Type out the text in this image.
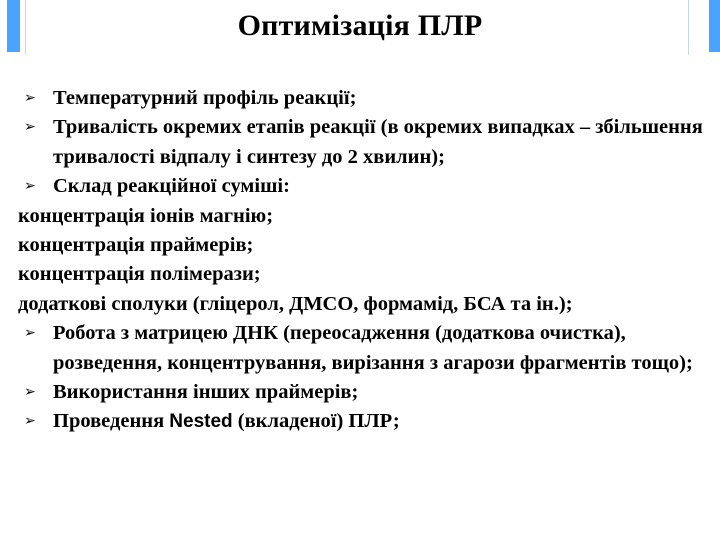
Оптимізація ПЛР
➢ Температурний профіль реакції;
➢ Тривалість окремих етапів реакції (в окремих випадках – збільшення тривалості відпалу і синтезу до 2 хвилин);
➢ Склад реакційної суміші:
концентрація іонів магнію;
концентрація праймерів;
концентрація полімерази;
додаткові сполуки (гліцерол, ДМСО, формамід, БСА та ін.);
➢ Робота з матрицею ДНК (переосадження (додаткова очистка), розведення, концентрування, вирізання з агарози фрагментів тощо);
➢ Використання інших праймерів;
➢ Проведення Nested (вкладеної) ПЛР;
